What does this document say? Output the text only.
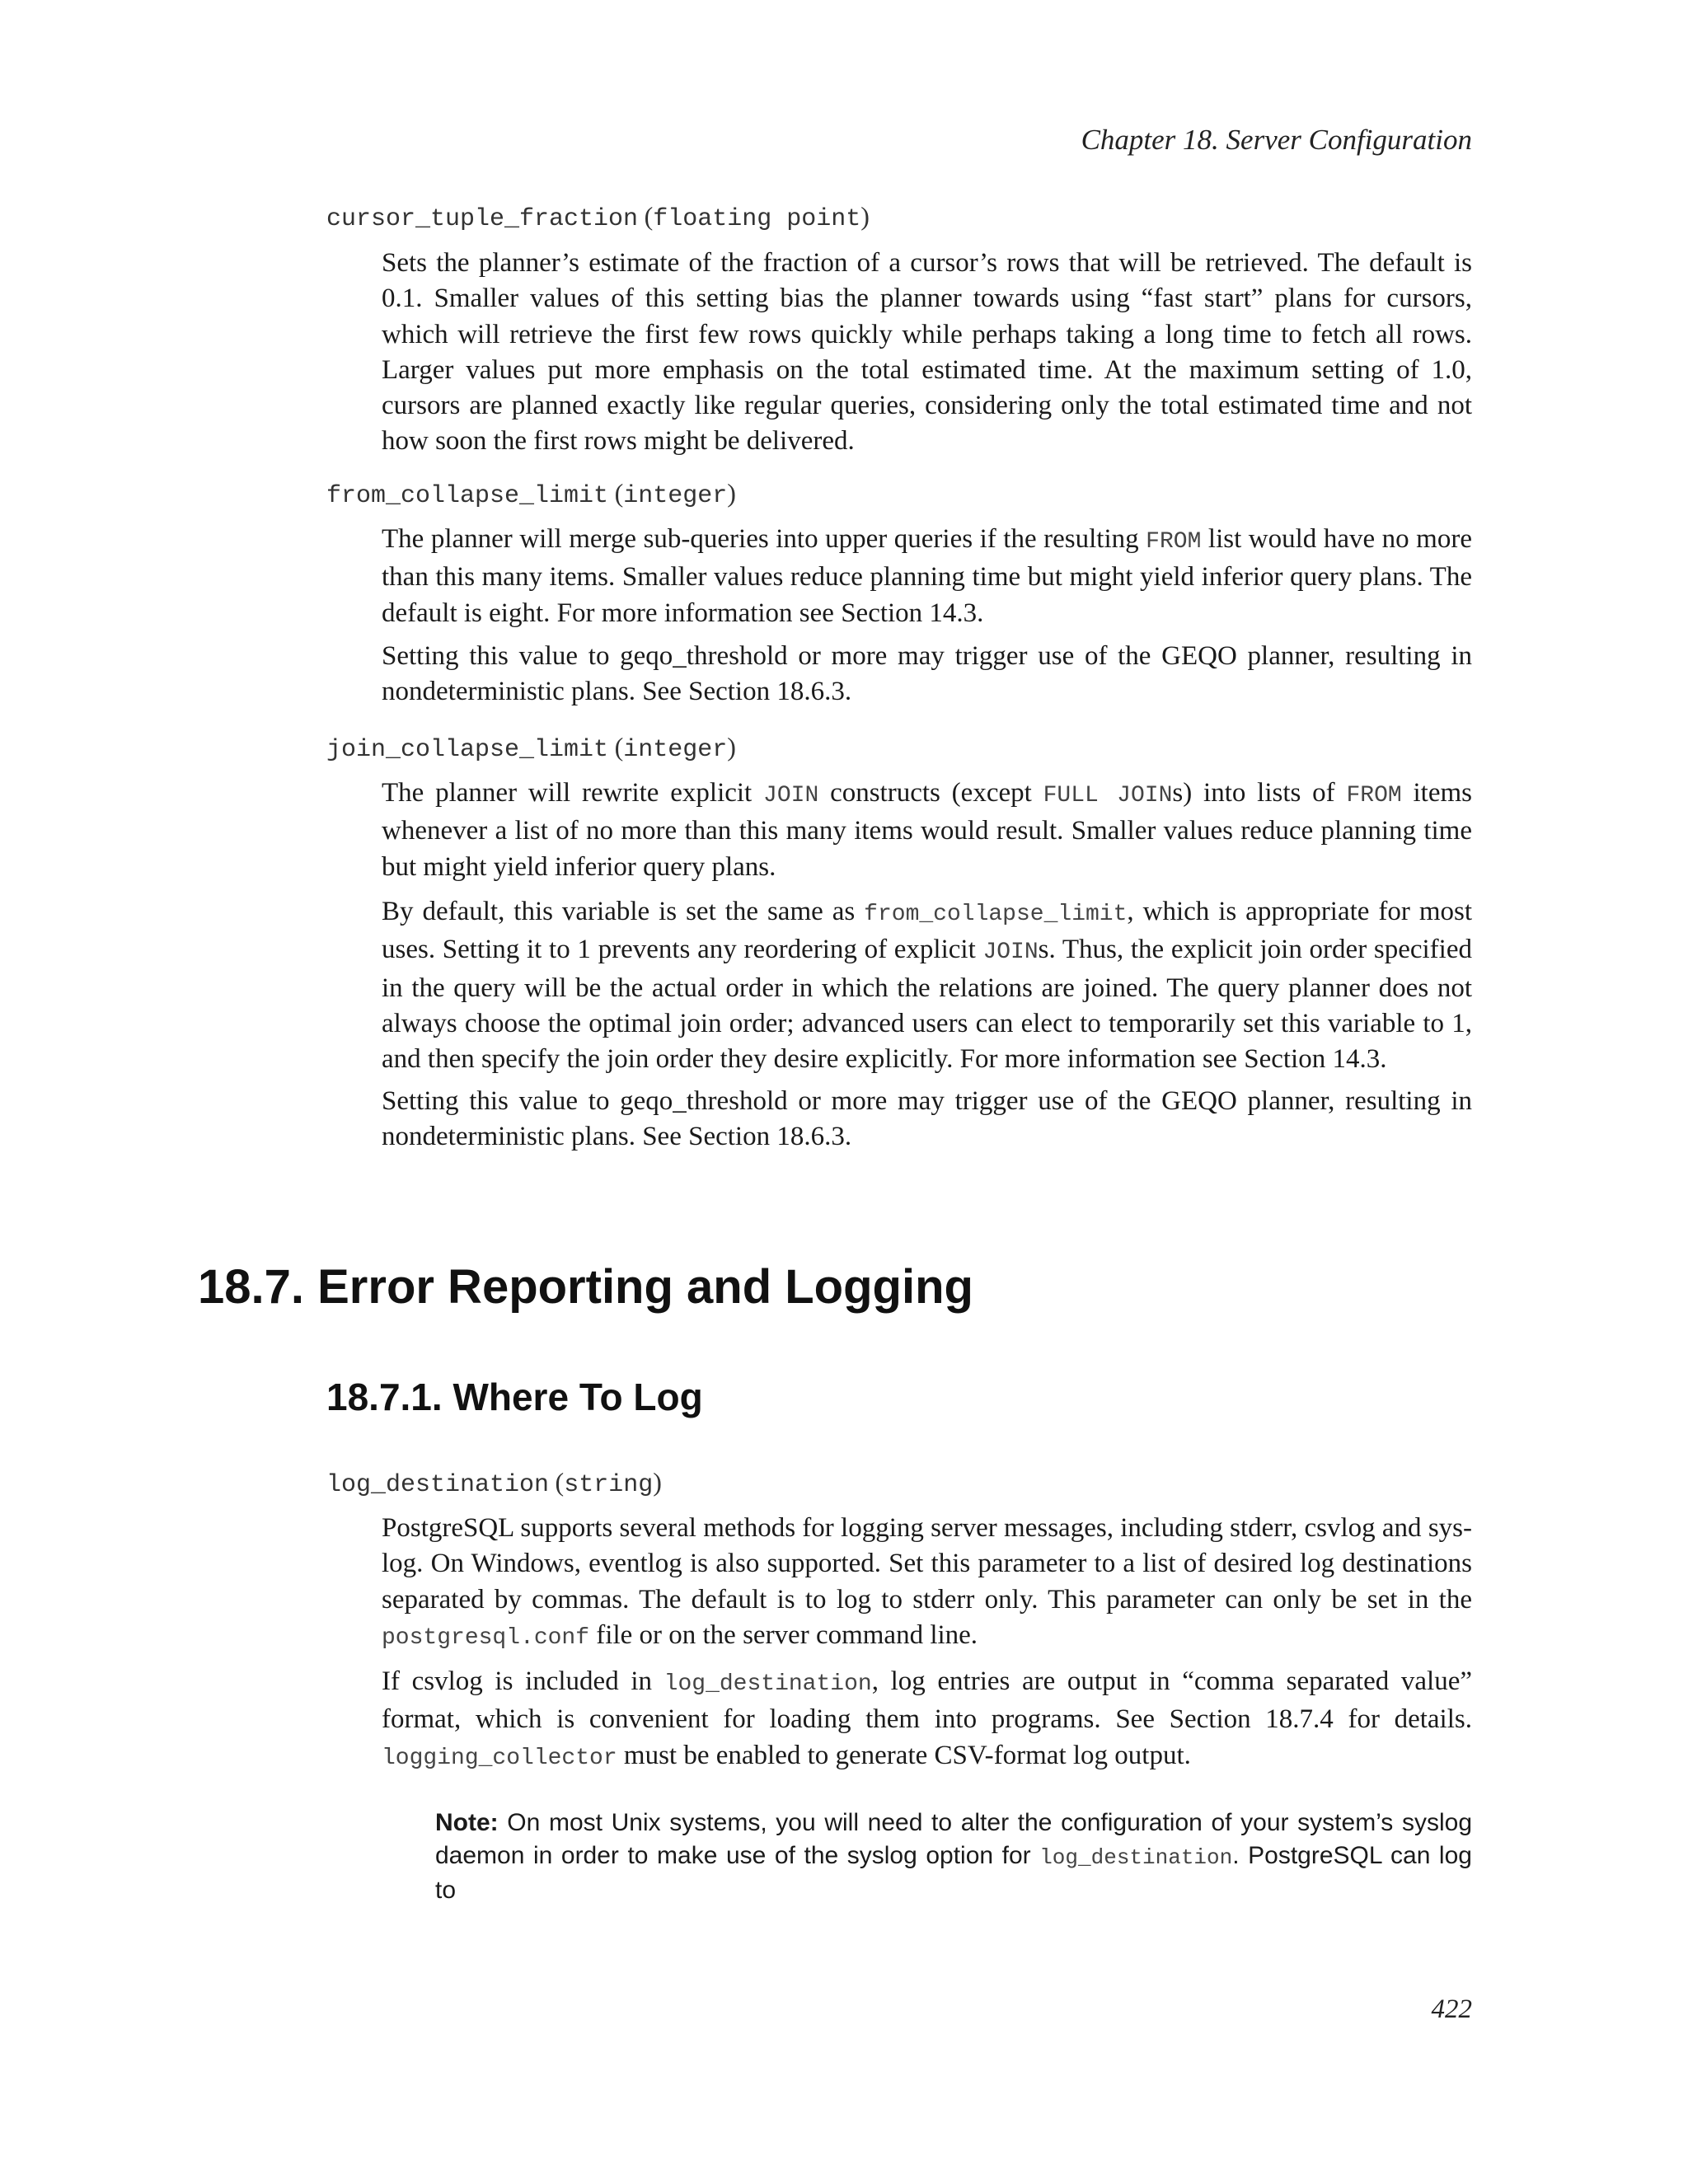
Chapter 18. Server Configuration
cursor_tuple_fraction (floating point)
Sets the planner’s estimate of the fraction of a cursor’s rows that will be retrieved. The default is 0.1. Smaller values of this setting bias the planner towards using “fast start” plans for cursors, which will retrieve the first few rows quickly while perhaps taking a long time to fetch all rows. Larger values put more emphasis on the total estimated time. At the maximum setting of 1.0, cursors are planned exactly like regular queries, considering only the total estimated time and not how soon the first rows might be delivered.
from_collapse_limit (integer)
The planner will merge sub-queries into upper queries if the resulting FROM list would have no more than this many items. Smaller values reduce planning time but might yield inferior query plans. The default is eight. For more information see Section 14.3.
Setting this value to geqo_threshold or more may trigger use of the GEQO planner, resulting in nondeterministic plans. See Section 18.6.3.
join_collapse_limit (integer)
The planner will rewrite explicit JOIN constructs (except FULL JOINs) into lists of FROM items whenever a list of no more than this many items would result. Smaller values reduce planning time but might yield inferior query plans.
By default, this variable is set the same as from_collapse_limit, which is appropriate for most uses. Setting it to 1 prevents any reordering of explicit JOINs. Thus, the explicit join order specified in the query will be the actual order in which the relations are joined. The query planner does not always choose the optimal join order; advanced users can elect to temporarily set this variable to 1, and then specify the join order they desire explicitly. For more information see Section 14.3.
Setting this value to geqo_threshold or more may trigger use of the GEQO planner, resulting in nondeterministic plans. See Section 18.6.3.
18.7. Error Reporting and Logging
18.7.1. Where To Log
log_destination (string)
PostgreSQL supports several methods for logging server messages, including stderr, csvlog and sys-log. On Windows, eventlog is also supported. Set this parameter to a list of desired log destinations separated by commas. The default is to log to stderr only. This parameter can only be set in the postgresql.conf file or on the server command line.
If csvlog is included in log_destination, log entries are output in “comma separated value” format, which is convenient for loading them into programs. See Section 18.7.4 for details. logging_collector must be enabled to generate CSV-format log output.
Note: On most Unix systems, you will need to alter the configuration of your system’s syslog daemon in order to make use of the syslog option for log_destination. PostgreSQL can log to
422
